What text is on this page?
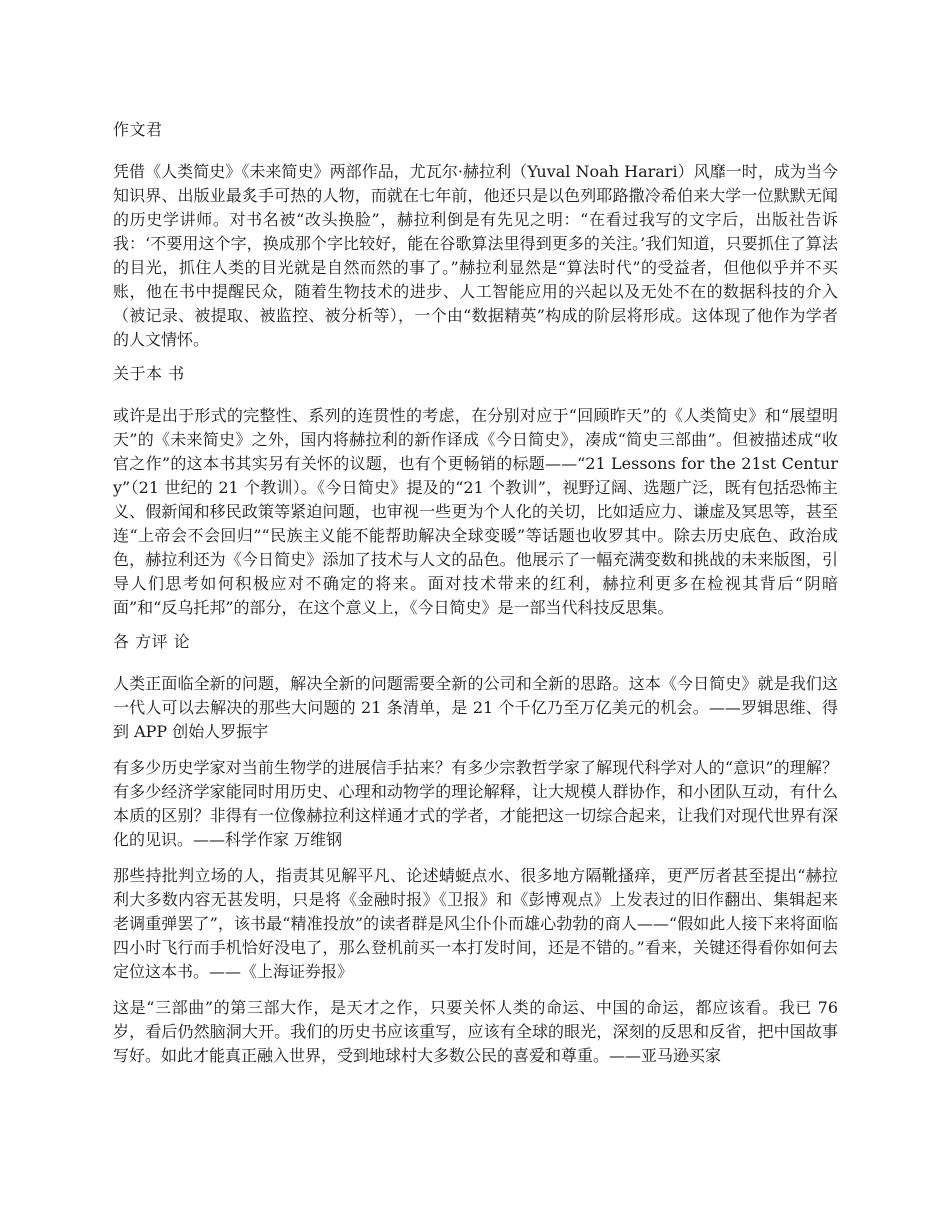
作文君

凭借《人类简史》《未来简史》两部作品，尤瓦尔·赫拉利（Yuval Noah Harari）风靡一时，成为当今知识界、出版业最炙手可热的人物，而就在七年前，他还只是以色列耶路撒冷希伯来大学一位默默无闻的历史学讲师。对书名被“改头换脸”，赫拉利倒是有先见之明：“在看过我写的文字后，出版社告诉我：‘不要用这个字，换成那个字比较好，能在谷歌算法里得到更多的关注。’我们知道，只要抓住了算法的目光，抓住人类的目光就是自然而然的事了。”赫拉利显然是“算法时代”的受益者，但他似乎并不买账，他在书中提醒民众，随着生物技术的进步、人工智能应用的兴起以及无处不在的数据科技的介入（被记录、被提取、被监控、被分析等），一个由“数据精英”构成的阶层将形成。这体现了他作为学者的人文情怀。

关于本 书

或许是出于形式的完整性、系列的连贯性的考虑，在分别对应于“回顾昨天”的《人类简史》和“展望明天”的《未来简史》之外，国内将赫拉利的新作译成《今日简史》，凑成“简史三部曲”。但被描述成“收官之作”的这本书其实另有关怀的议题，也有个更畅销的标题——“21 Lessons for the 21st Century”（21 世纪的 21 个教训）。《今日简史》提及的“21 个教训”，视野辽阔、选题广泛，既有包括恐怖主义、假新闻和移民政策等紧迫问题，也审视一些更为个人化的关切，比如适应力、谦虚及冥思等，甚至连“上帝会不会回归”“民族主义能不能帮助解决全球变暖”等话题也收罗其中。除去历史底色、政治成色，赫拉利还为《今日简史》添加了技术与人文的品色。他展示了一幅充满变数和挑战的未来版图，引导人们思考如何积极应对不确定的将来。面对技术带来的红利，赫拉利更多在检视其背后“阴暗面”和“反乌托邦”的部分，在这个意义上，《今日简史》是一部当代科技反思集。

各 方评 论

人类正面临全新的问题，解决全新的问题需要全新的公司和全新的思路。这本《今日简史》就是我们这一代人可以去解决的那些大问题的 21 条清单，是 21 个千亿乃至万亿美元的机会。——罗辑思维、得到 APP 创始人罗振宇

有多少历史学家对当前生物学的进展信手拈来？有多少宗教哲学家了解现代科学对人的“意识”的理解？有多少经济学家能同时用历史、心理和动物学的理论解释，让大规模人群协作，和小团队互动，有什么本质的区别？非得有一位像赫拉利这样通才式的学者，才能把这一切综合起来，让我们对现代世界有深化的见识。——科学作家 万维钢

那些持批判立场的人，指责其见解平凡、论述蜻蜓点水、很多地方隔靴搔痒，更严厉者甚至提出“赫拉利大多数内容无甚发明，只是将《金融时报》《卫报》和《彭博观点》上发表过的旧作翻出、集辑起来老调重弹罢了”，该书最“精准投放”的读者群是风尘仆仆而雄心勃勃的商人——“假如此人接下来将面临四小时飞行而手机恰好没电了，那么登机前买一本打发时间，还是不错的。”看来，关键还得看你如何去定位这本书。——《上海证券报》

这是“三部曲”的第三部大作，是天才之作，只要关怀人类的命运、中国的命运，都应该看。我已 76 岁，看后仍然脑洞大开。我们的历史书应该重写，应该有全球的眼光，深刻的反思和反省，把中国故事写好。如此才能真正融入世界，受到地球村大多数公民的喜爱和尊重。——亚马逊买家
